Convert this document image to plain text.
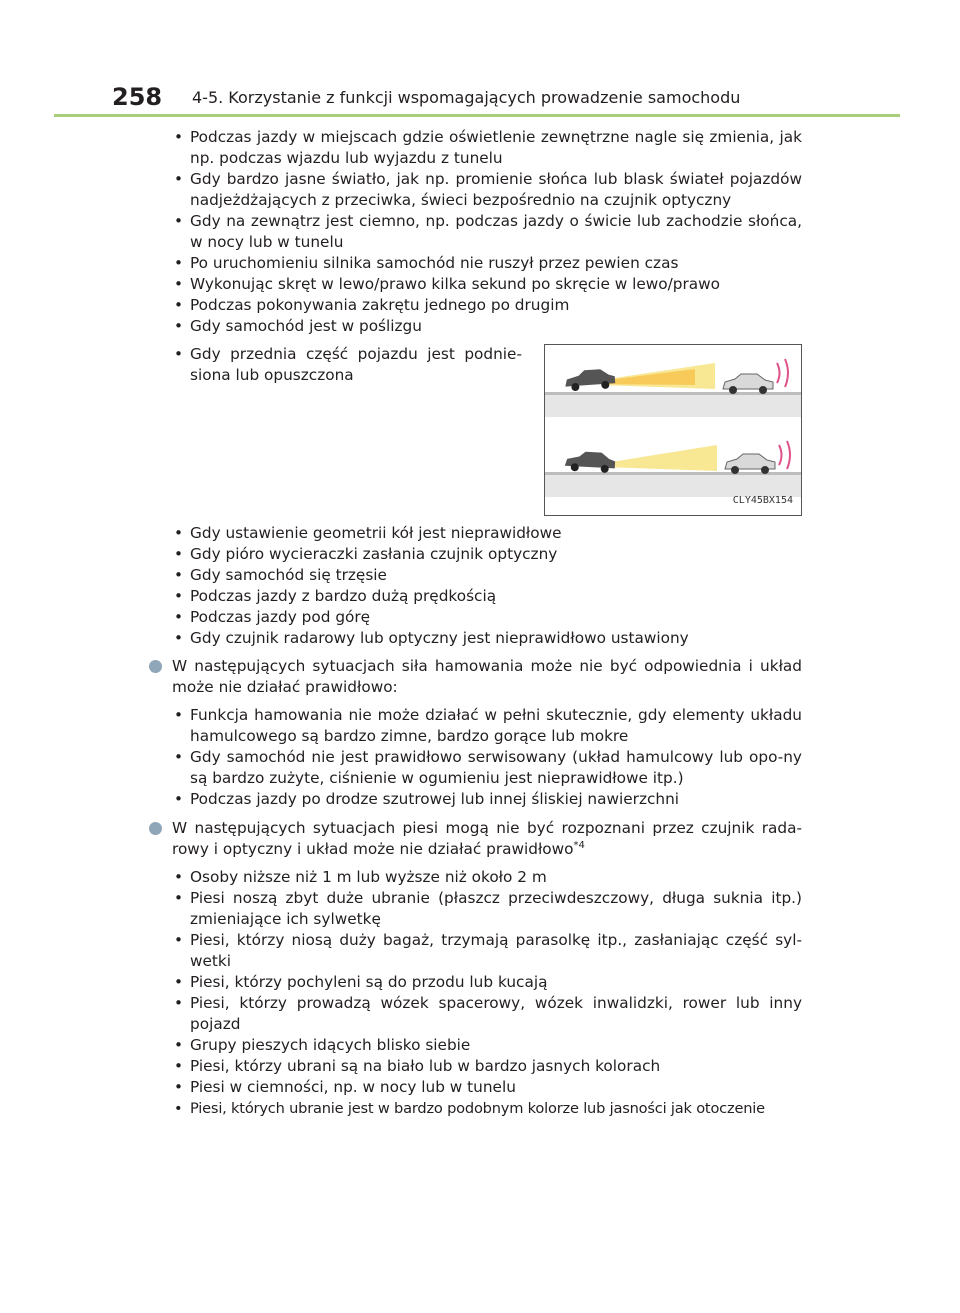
258 4-5. Korzystanie z funkcji wspomagających prowadzenie samochodu
• Podczas jazdy w miejscach gdzie oświetlenie zewnętrzne nagle się zmienia, jak np. podczas wjazdu lub wyjazdu z tunelu
• Gdy bardzo jasne światło, jak np. promienie słońca lub blask świateł pojazdów nadjeżdżających z przeciwka, świeci bezpośrednio na czujnik optyczny
• Gdy na zewnątrz jest ciemno, np. podczas jazdy o świcie lub zachodzie słońca, w nocy lub w tunelu
• Po uruchomieniu silnika samochód nie ruszył przez pewien czas
• Wykonując skręt w lewo/prawo kilka sekund po skręcie w lewo/prawo
• Podczas pokonywania zakrętu jednego po drugim
• Gdy samochód jest w poślizgu
• Gdy przednia część pojazdu jest podnie-siona lub opuszczona
CLY45BX154
• Gdy ustawienie geometrii kół jest nieprawidłowe
• Gdy pióro wycieraczki zasłania czujnik optyczny
• Gdy samochód się trzęsie
• Podczas jazdy z bardzo dużą prędkością
• Podczas jazdy pod górę
• Gdy czujnik radarowy lub optyczny jest nieprawidłowo ustawiony
W następujących sytuacjach siła hamowania może nie być odpowiednia i układ może nie działać prawidłowo:
• Funkcja hamowania nie może działać w pełni skutecznie, gdy elementy układu hamulcowego są bardzo zimne, bardzo gorące lub mokre
• Gdy samochód nie jest prawidłowo serwisowany (układ hamulcowy lub opo-ny są bardzo zużyte, ciśnienie w ogumieniu jest nieprawidłowe itp.)
• Podczas jazdy po drodze szutrowej lub innej śliskiej nawierzchni
W następujących sytuacjach piesi mogą nie być rozpoznani przez czujnik rada-rowy i optyczny i układ może nie działać prawidłowo$^{*4}$
• Osoby niższe niż 1 m lub wyższe niż około 2 m
• Piesi noszą zbyt duże ubranie (płaszcz przeciwdeszczowy, długa suknia itp.) zmieniające ich sylwetkę
• Piesi, którzy niosą duży bagaż, trzymają parasolkę itp., zasłaniając część syl-wetki
• Piesi, którzy pochyleni są do przodu lub kucają
• Piesi, którzy prowadzą wózek spacerowy, wózek inwalidzki, rower lub inny pojazd
• Grupy pieszych idących blisko siebie
• Piesi, którzy ubrani są na biało lub w bardzo jasnych kolorach
• Piesi w ciemności, np. w nocy lub w tunelu
• Piesi, których ubranie jest w bardzo podobnym kolorze lub jasności jak otoczenie
